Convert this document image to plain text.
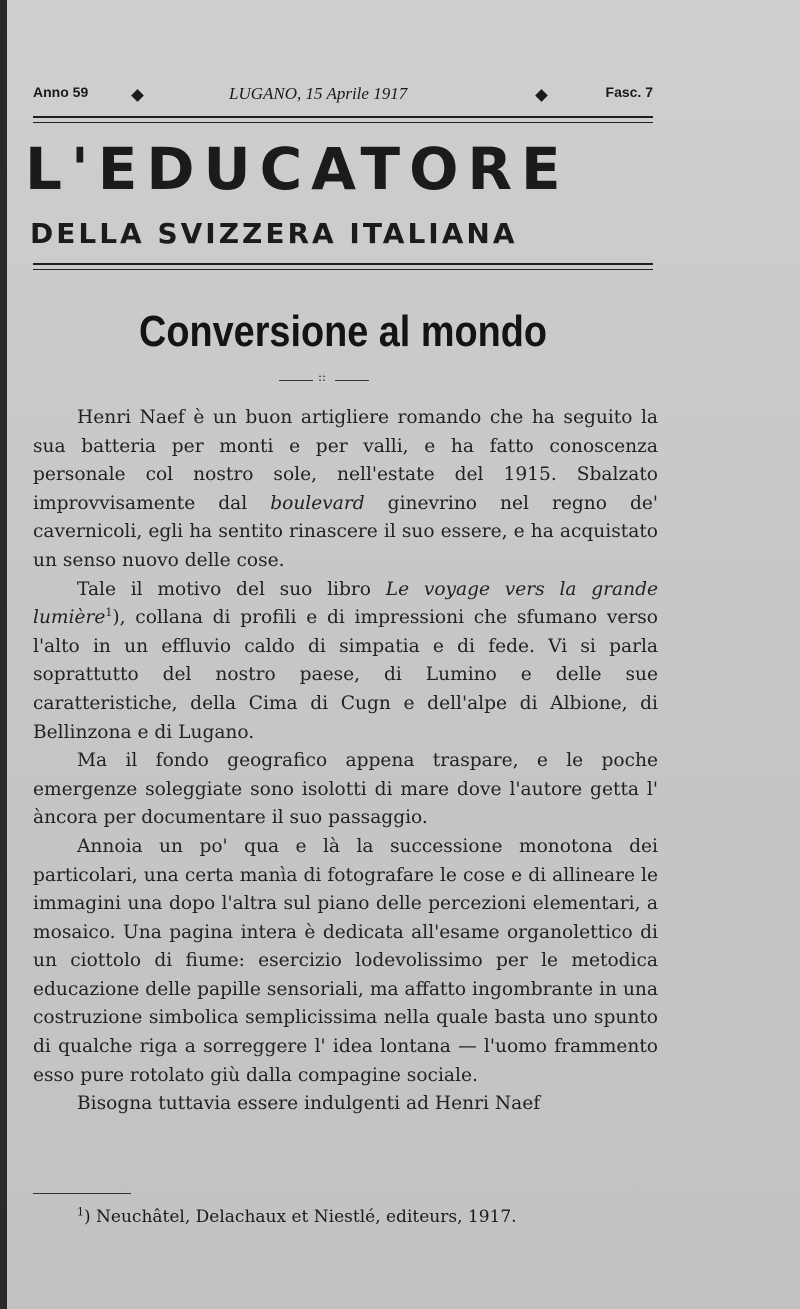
Anno 59	LUGANO, 15 Aprile 1917	Fasc. 7
L'EDUCATORE
DELLA SVIZZERA ITALIANA
Conversione al mondo
::

Henri Naef è un buon artigliere romando che ha seguito la sua batteria per monti e per valli, e ha fatto conoscenza personale col nostro sole, nell'estate del 1915. Sbalzato improvvisamente dal boulevard ginevrino nel regno de' cavernicoli, egli ha sentito rinascere il suo essere, e ha acquistato un senso nuovo delle cose.

Tale il motivo del suo libro Le voyage vers la grande lumière$^1$), collana di profili e di impressioni che sfumano verso l'alto in un effluvio caldo di simpatia e di fede. Vi si parla soprattutto del nostro paese, di Lumino e delle sue caratteristiche, della Cima di Cugn e dell'alpe di Albione, di Bellinzona e di Lugano.

Ma il fondo geografico appena traspare, e le poche emergenze soleggiate sono isolotti di mare dove l'autore getta l' àncora per documentare il suo passaggio.

Annoia un po' qua e là la successione monotona dei particolari, una certa manìa di fotografare le cose e di allineare le immagini una dopo l'altra sul piano delle percezioni elementari, a mosaico. Una pagina intera è dedicata all'esame organolettico di un ciottolo di fiume: esercizio lodevolissimo per le metodica educazione delle papille sensoriali, ma affatto ingombrante in una costruzione simbolica semplicissima nella quale basta uno spunto di qualche riga a sorreggere l' idea lontana — l'uomo frammento esso pure rotolato giù dalla compagine sociale.

Bisogna tuttavia essere indulgenti ad Henri Naef

$^1$) Neuchâtel, Delachaux et Niestlé, editeurs, 1917.
